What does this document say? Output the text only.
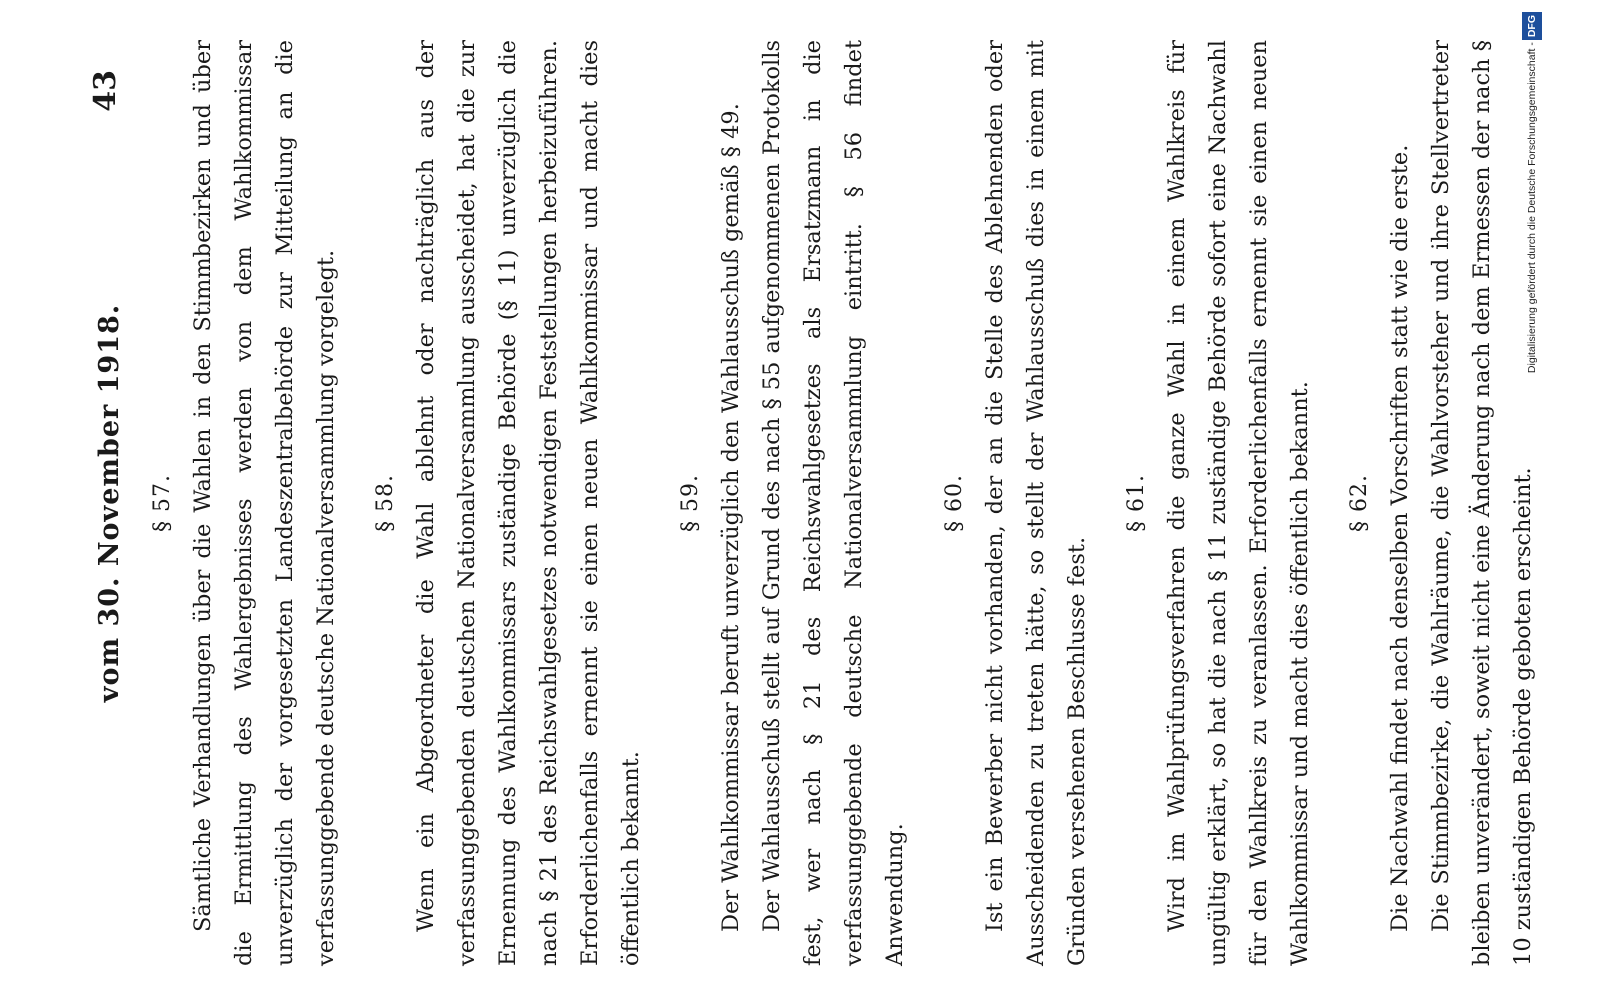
vom 30. November 1918.
43
§ 57. Sämtliche Verhandlungen über die Wahlen in den Stimmbezirken und über die Ermittlung des Wahlergebnisses werden von dem Wahlkommissar unverzüglich der vorgesetzten Landeszentralbehörde zur Mitteilung an die verfassunggebende deutsche Nationalversammlung vorgelegt.	§ 58. Wenn ein Abgeordneter die Wahl ablehnt oder nachträglich aus der verfassunggebenden deutschen Nationalversammlung ausscheidet, hat die zur Ernennung des Wahlkommissars zuständige Behörde (§ 11) unverzüglich die nach § 21 des Reichswahlgesetzes notwendigen Feststellungen herbeizuführen. Erforderlichenfalls ernennt sie einen neuen Wahlkommissar und macht dies öffentlich bekannt.

§ 59. Der Wahlkommissar beruft unverzüglich den Wahlausschuß gemäß § 49. Der Wahlausschuß stellt auf Grund des nach § 55 aufgenommenen Protokolls fest, wer nach § 21 des Reichswahlgesetzes als Ersatzmann in die verfassunggebende deutsche Nationalversammlung eintritt. § 56 findet Anwendung.

§ 60. Ist ein Bewerber nicht vorhanden, der an die Stelle des Ablehnenden oder Ausscheidenden zu treten hätte, so stellt der Wahlausschuß dies in einem mit Gründen versehenen Beschlusse fest.

§ 61. Wird im Wahlprüfungsverfahren die ganze Wahl in einem Wahlkreis für ungültig erklärt, so hat die nach § 11 zuständige Behörde sofort eine Nachwahl für den Wahlkreis zu veranlassen. Erforderlichenfalls ernennt sie einen neuen Wahlkommissar und macht dies öffentlich bekannt.	§ 62. Die Nachwahl findet nach denselben Vorschriften statt wie die erste. Die Stimmbezirke, die Wahlräume, die Wahlvorsteher und ihre Stellvertreter bleiben unverändert, soweit nicht eine Änderung nach dem Ermessen der nach § 10 zuständigen Behörde geboten erscheint.

Digitalisierung gefördert durch die Deutsche Forschungsgemeinschaft -DFG
